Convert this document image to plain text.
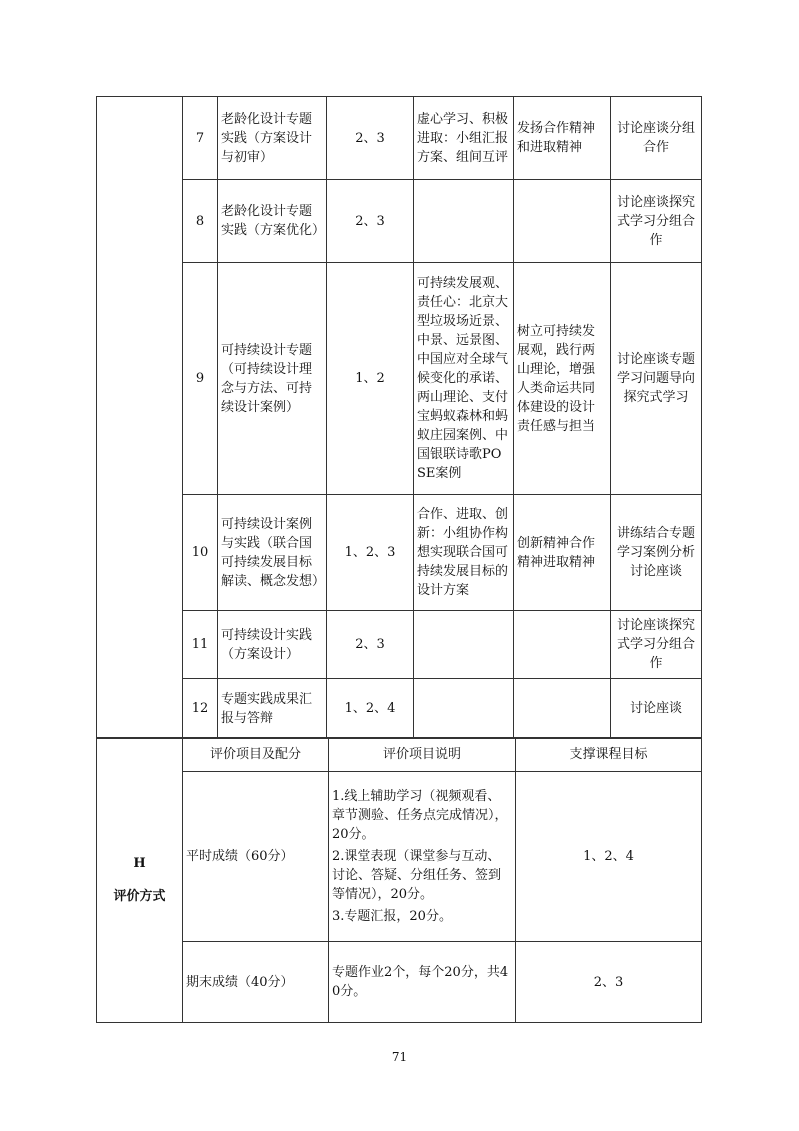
	7	老龄化设计专题实践（方案设计与初审）	2、3	虚心学习、积极进取：小组汇报方案、组间互评	发扬合作精神和进取精神	讨论座谈分组合作
	8	老龄化设计专题实践（方案优化）	2、3			讨论座谈探究式学习分组合作
	9	可持续设计专题（可持续设计理念与方法、可持续设计案例）	1、2	可持续发展观、责任心：北京大型垃圾场近景、中景、远景图、中国应对全球气候变化的承诺、两山理论、支付宝蚂蚁森林和蚂蚁庄园案例、中国银联诗歌POSE案例	树立可持续发展观，践行两山理论，增强人类命运共同体建设的设计责任感与担当	讨论座谈专题学习问题导向探究式学习
	10	可持续设计案例与实践（联合国可持续发展目标解读、概念发想）	1、2、3	合作、进取、创新：小组协作构想实现联合国可持续发展目标的设计方案	创新精神合作精神进取精神	讲练结合专题学习案例分析讨论座谈
	11	可持续设计实践（方案设计）	2、3			讨论座谈探究式学习分组合作
	12	专题实践成果汇报与答辩	1、2、4			讨论座谈
H
评价方式	评价项目及配分	评价项目说明	支撑课程目标
	平时成绩（60分）	1.线上辅助学习（视频观看、章节测验、任务点完成情况），20分。

2.课堂表现（课堂参与互动、讨论、答疑、分组任务、签到等情况），20分。

3.专题汇报，20分。	1、2、4
	期末成绩（40分）	专题作业2个，每个20分，共40分。	2、3
71
